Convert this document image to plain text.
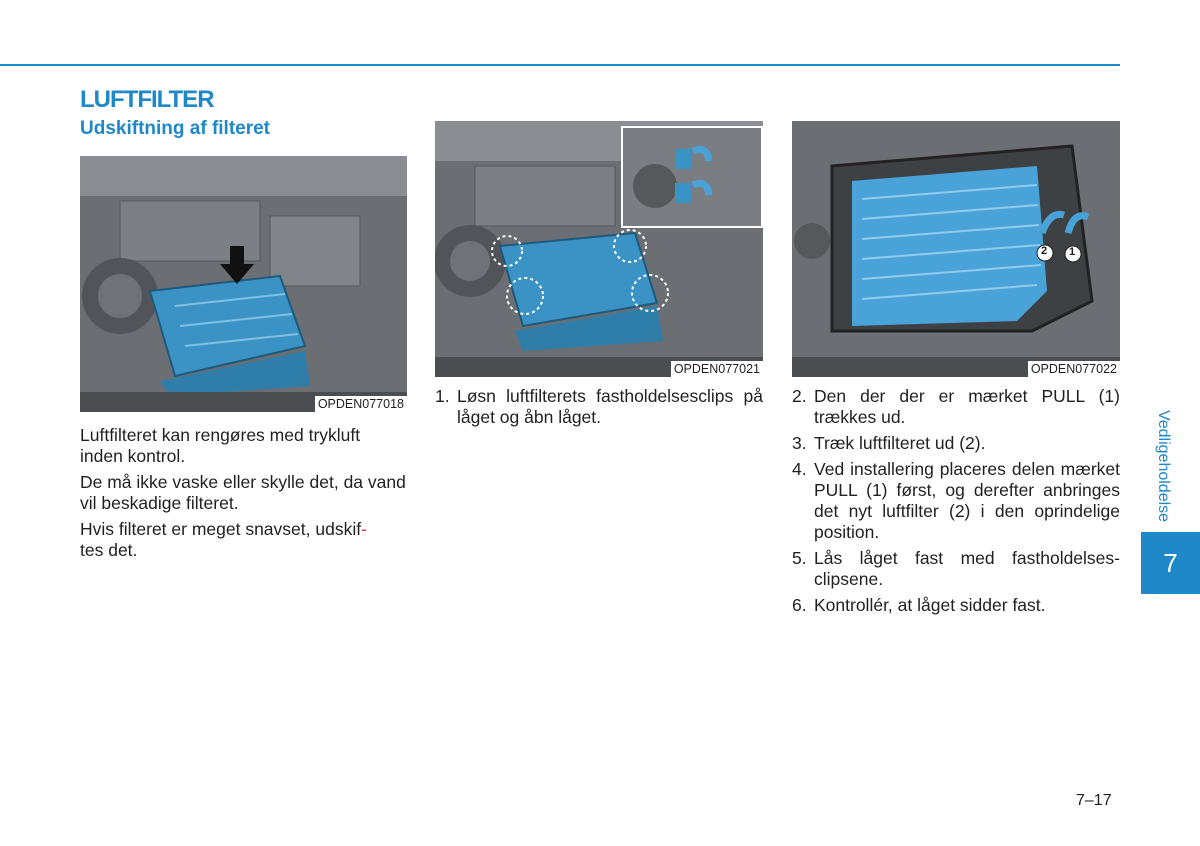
LUFTFILTER
Udskiftning af filteret
OPDEN077018
OPDEN077021
2 1
OPDEN077022

Luftfilteret kan rengøres med trykluft inden kontrol.

De må ikke vaske eller skylle det, da vand vil beskadige filteret.

Hvis filteret er meget snavset, udskif-
tes det.

1. Løsn luftfilterets fastholdelsesclips på låget og åbn låget.
2. Den der der er mærket PULL (1) trækkes ud.
3. Træk luftfilteret ud (2).
4. Ved installering placeres delen mærket PULL (1) først, og derefter anbringes det nyt luftfilter (2) i den oprindelige position.
5. Lås låget fast med fastholdelses-clipsene.
6. Kontrollér, at låget sidder fast.
Vedligeholdelse
7
7–17
